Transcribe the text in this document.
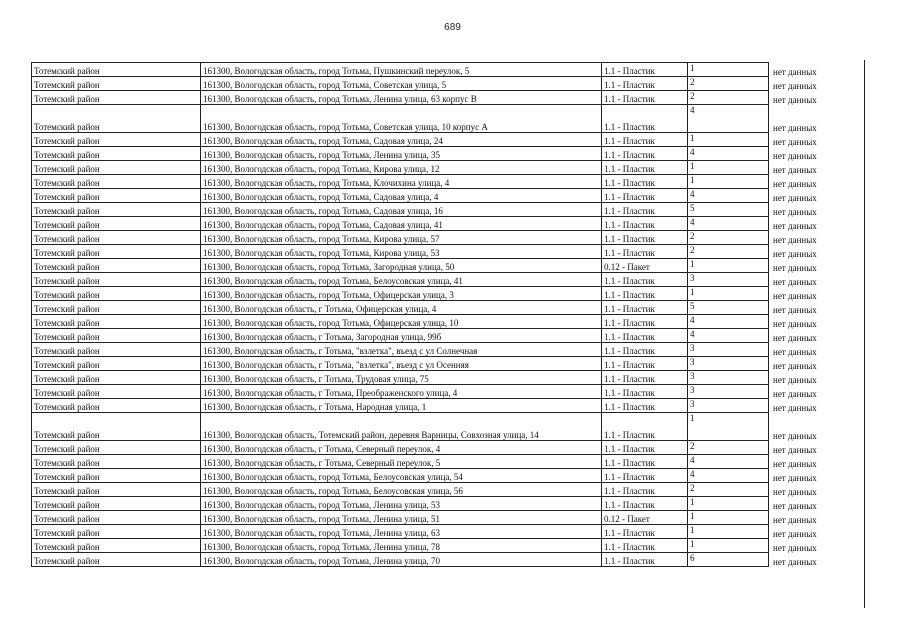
689
Тотемский район	161300, Вологодская область, город Тотьма, Пушкинский переулок, 5	1.1 - Пластик	1	нет данных
Тотемский район	161300, Вологодская область, город Тотьма, Советская улица, 5	1.1 - Пластик	2	нет данных
Тотемский район	161300, Вологодская область, город Тотьма, Ленина улица, 63 корпус В	1.1 - Пластик	2	нет данных
Тотемский район	161300, Вологодская область, город Тотьма, Советская улица, 10 корпус А	1.1 - Пластик	4	нет данных
Тотемский район	161300, Вологодская область, город Тотьма, Садовая улица, 24	1.1 - Пластик	1	нет данных
Тотемский район	161300, Вологодская область, город Тотьма, Ленина улица, 35	1.1 - Пластик	4	нет данных
Тотемский район	161300, Вологодская область, город Тотьма, Кирова улица, 12	1.1 - Пластик	1	нет данных
Тотемский район	161300, Вологодская область, город Тотьма, Клочихина улица, 4	1.1 - Пластик	1	нет данных
Тотемский район	161300, Вологодская область, город Тотьма, Садовая улица, 4	1.1 - Пластик	4	нет данных
Тотемский район	161300, Вологодская область, город Тотьма, Садовая улица, 16	1.1 - Пластик	5	нет данных
Тотемский район	161300, Вологодская область, город Тотьма, Садовая улица, 41	1.1 - Пластик	4	нет данных
Тотемский район	161300, Вологодская область, город Тотьма, Кирова улица, 57	1.1 - Пластик	2	нет данных
Тотемский район	161300, Вологодская область, город Тотьма, Кирова улица, 53	1.1 - Пластик	2	нет данных
Тотемский район	161300, Вологодская область, город Тотьма, Загородная улица, 50	0.12 - Пакет	1	нет данных
Тотемский район	161300, Вологодская область, город Тотьма, Белоусовская улица, 41	1.1 - Пластик	3	нет данных
Тотемский район	161300, Вологодская область, город Тотьма, Офицерская улица, 3	1.1 - Пластик	1	нет данных
Тотемский район	161300, Вологодская область, г Тотьма, Офицерская улица, 4	1.1 - Пластик	5	нет данных
Тотемский район	161300, Вологодская область, город Тотьма, Офицерская улица, 10	1.1 - Пластик	4	нет данных
Тотемский район	161300, Вологодская область, г Тотьма, Загородная улица, 99б	1.1 - Пластик	4	нет данных
Тотемский район	161300, Вологодская область, г Тотьма, "взлетка", въезд с ул Солнечная	1.1 - Пластик	3	нет данных
Тотемский район	161300, Вологодская область, г Тотьма, "взлетка", въезд с ул Осенняя	1.1 - Пластик	3	нет данных
Тотемский район	161300, Вологодская область, г Тотьма, Трудовая улица, 75	1.1 - Пластик	3	нет данных
Тотемский район	161300, Вологодская область, г Тотьма, Преображенского улица, 4	1.1 - Пластик	3	нет данных
Тотемский район	161300, Вологодская область, г Тотьма, Народная улица, 1	1.1 - Пластик	3	нет данных
Тотемский район	161300, Вологодская область, Тотемский район, деревня Варницы, Совхозная улица, 14	1.1 - Пластик	1	нет данных
Тотемский район	161300, Вологодская область, г Тотьма, Северный переулок, 4	1.1 - Пластик	2	нет данных
Тотемский район	161300, Вологодская область, г Тотьма, Северный переулок, 5	1.1 - Пластик	4	нет данных
Тотемский район	161300, Вологодская область, город Тотьма, Белоусовская улица, 54	1.1 - Пластик	4	нет данных
Тотемский район	161300, Вологодская область, город Тотьма, Белоусовская улица, 56	1.1 - Пластик	2	нет данных
Тотемский район	161300, Вологодская область, город Тотьма, Ленина улица, 53	1.1 - Пластик	1	нет данных
Тотемский район	161300, Вологодская область, город Тотьма, Ленина улица, 51	0.12 - Пакет	1	нет данных
Тотемский район	161300, Вологодская область, город Тотьма, Ленина улица, 63	1.1 - Пластик	1	нет данных
Тотемский район	161300, Вологодская область, город Тотьма, Ленина улица, 78	1.1 - Пластик	1	нет данных
Тотемский район	161300, Вологодская область, город Тотьма, Ленина улица, 70	1.1 - Пластик	6	нет данных
